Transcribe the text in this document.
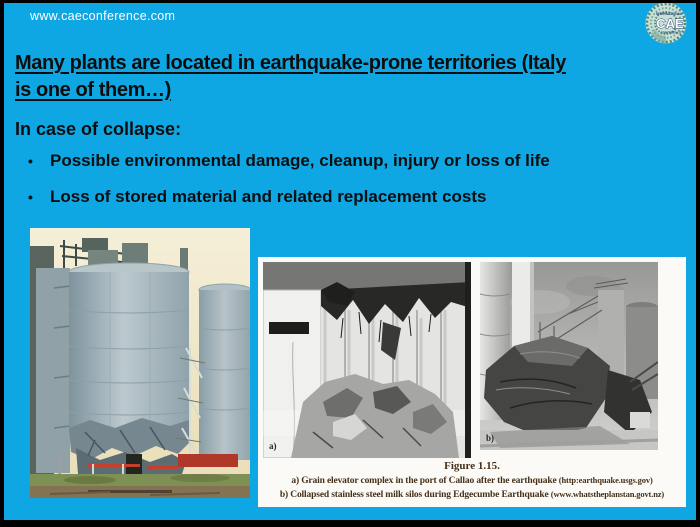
www.caeconference.com	INTERNATIONAL
CAE
CONFERENCE
Many plants are located in earthquake-prone territories (Italy
is one of them…)
In case of collapse:
•	Possible environmental damage, cleanup, injury or loss of life
•	Loss of stored material and related replacement costs
a)
b)
Figure 1.15.
a) Grain elevator complex in the port of Callao after the earthquake (http:earthquake.usgs.gov)
b) Collapsed stainless steel milk silos during Edgecumbe Earthquake (www.whatstheplanstan.govt.nz)
